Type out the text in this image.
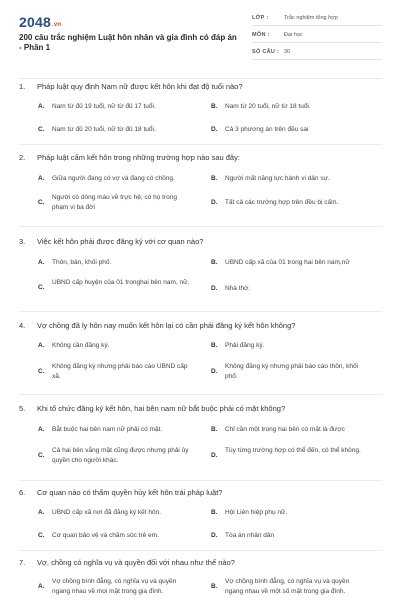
2048.vn
200 câu trắc nghiệm Luật hôn nhân và gia đình có đáp án - Phần 1
LỚP :	Trắc nghiệm tổng hợp
MÔN :	Đại học
SỐ CÂU : 30
1. Pháp luật quy định Nam nữ được kết hôn khi đạt độ tuổi nào?
A. Nam từ đủ 19 tuổi, nữ từ đủ 17 tuổi.	B. Nam từ 20 tuổi, nữ từ 18 tuổi.
C. Nam từ đủ 20 tuổi, nữ từ đủ 18 tuổi.	D. Cả 3 phương án trên đều sai
2. Pháp luật cấm kết hôn trong những trường hợp nào sau đây:
A. Giữa người đang có vợ và đang có chồng.	B. Người mất năng lực hành vi dân sự.
C.Người có dòng máu về trực hệ; có họ trong phạm vi ba đời
D. Tất cả các trường hợp trên đều bị cấm.
3. Việc kết hôn phải được đăng ký với cơ quan nào?
A. Thôn, bản, khối phố.	B. UBND cấp xã của 01 trong hai bên nam,nữ
C.UBND cấp huyện của 01 tronghai bên nam, nữ.
D. Nhà thờ.
4. Vợ chồng đã ly hôn nay muốn kết hôn lại có cần phải đăng ký kết hôn không?
A. Không cần đăng ký.	B. Phải đăng ký.
C.Không đăng ký nhưng phải báo cáo UBND cấp xã.
D.Không đăng ký nhưng phải báo cáo thôn, khối phố.
5. Khi tổ chức đăng ký kết hôn, hai bên nam nữ bắt buộc phải có mặt không?
A. Bắt buộc hai bên nam nữ phải có mặt.	B. Chỉ cần một trong hai bên có mặt là được
C.Cả hai bên vắng mặt cũng được nhưng phải ủy quyền cho người khác.
D.Tùy từng trường hợp có thể đến, có thể không.
6. Cơ quan nào có thẩm quyền hủy kết hôn trái pháp luật?
A. UBND cấp xã nơi đã đăng ký kết hôn.	B. Hội Liên hiệp phụ nữ.
C. Cơ quan bảo vệ và chăm sóc trẻ em.	D. Tòa án nhân dân
7. Vợ, chồng có nghĩa vụ và quyền đối với nhau như thế nào?
A.Vợ chồng bình đẳng, có nghĩa vụ và quyền ngang nhau về mọi mặt trong gia đình.
B.Vợ chồng bình đẳng, có nghĩa vụ và quyền ngang nhau về một số mặt trong gia đình.
